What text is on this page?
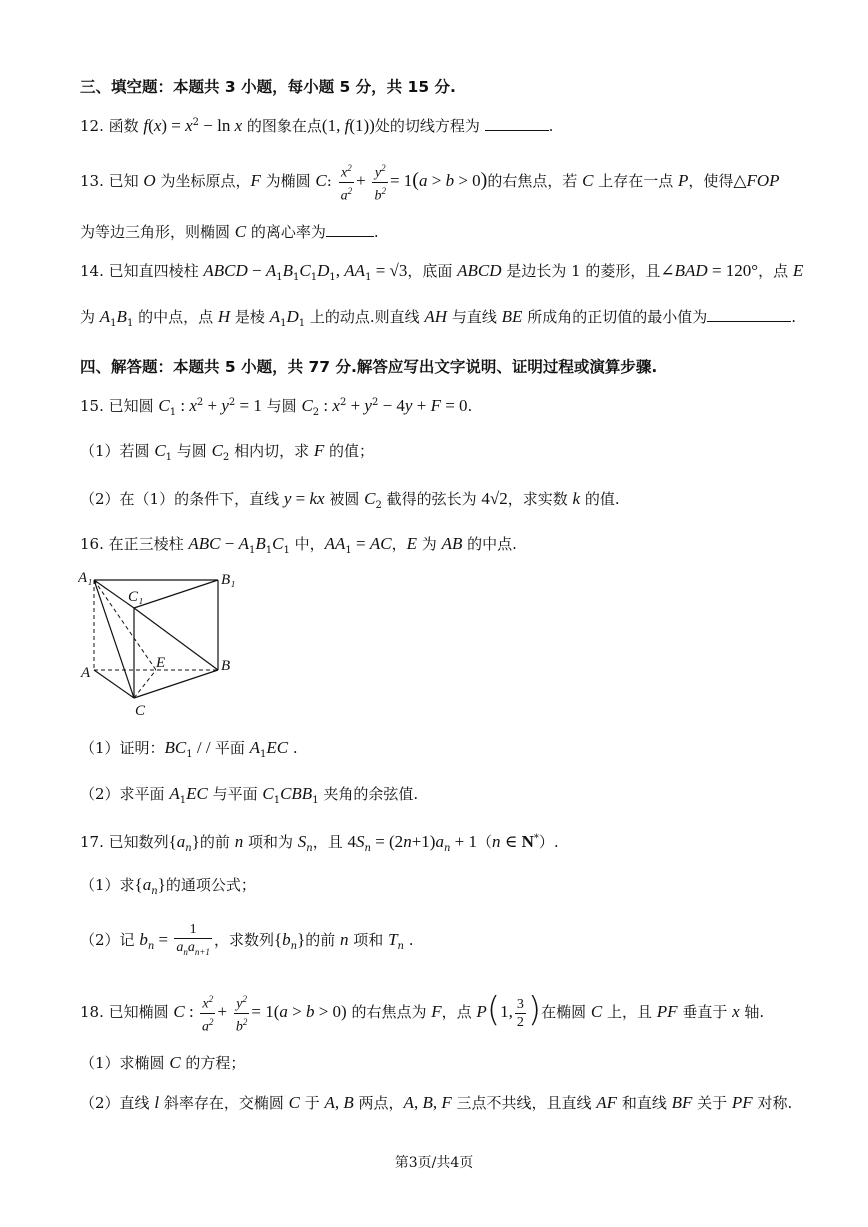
三、填空题：本题共 3 小题，每小题 5 分，共 15 分.
12. 函数 $f(x) = x^2 - \ln x$ 的图象在点(1, f(1))处的切线方程为	.
13. 已知 O 为坐标原点，F 为椭圆 C: $\frac{x^2}{a^2} + \frac{y^2}{b^2} = 1(a > b > 0)$的右焦点，若 C 上存在一点 P，使得△FOP
为等边三角形，则椭圆 C 的离心率为	.
14. 已知直四棱柱 ABCD − $A_1B_1C_1D_1$, $AA_1 = √3$，底面 ABCD 是边长为 1 的菱形，且∠BAD = 120°，点 E
为 $A_1B_1$ 的中点，点 H 是棱 $A_1D_1$ 上的动点.则直线 AH 与直线 BE 所成角的正切值的最小值为	.
四、解答题：本题共 5 小题，共 77 分.解答应写出文字说明、证明过程或演算步骤.
15. 已知圆 $C_1$ : $x^2 + y^2 = 1$ 与圆 $C_2$ : $x^2 + y^2 - 4y + F = 0$.
（1）若圆 $C_1$ 与圆 $C_2$ 相内切，求 F 的值；
（2）在（1）的条件下，直线 y = kx 被圆 $C_2$ 截得的弦长为 4√2，求实数 k 的值.
16. 在正三棱柱 ABC − $A_1B_1C_1$ 中，$AA_1$ = AC，E 为 AB 的中点.
A₁	B₁
C₁
A	B
C
E
（1）证明：$BC_1$ / / 平面 $A_1EC$ .
（2）求平面 $A_1EC$ 与平面 $C_1CBB_1$ 夹角的余弦值.
17. 已知数列$\{a_n\}$的前 n 项和为 $S_n$，且 $4S_n = (2n+1)a_n + 1(n$ ∈ N*）.
（1）求$\{a_n\}$的通项公式；
（2）记 $b_n = \frac{1}{a_na_{n+1}}$ ，求数列$\{b_n\}$的前 n 项和 $T_n$ .
18. 已知椭圆 C : $\frac{x^2}{a^2} + \frac{y^2}{b^2} = 1(a > b > 0)$ 的右焦点为 F，点 P(1, $\frac{3}{2}$ )在椭圆 C 上，且 PF 垂直于 x 轴.
（1）求椭圆 C 的方程；
（2）直线 l 斜率存在，交椭圆 C 于 A, B 两点，A, B, F 三点不共线，且直线 AF 和直线 BF 关于 PF 对称.
第3页/共4页
